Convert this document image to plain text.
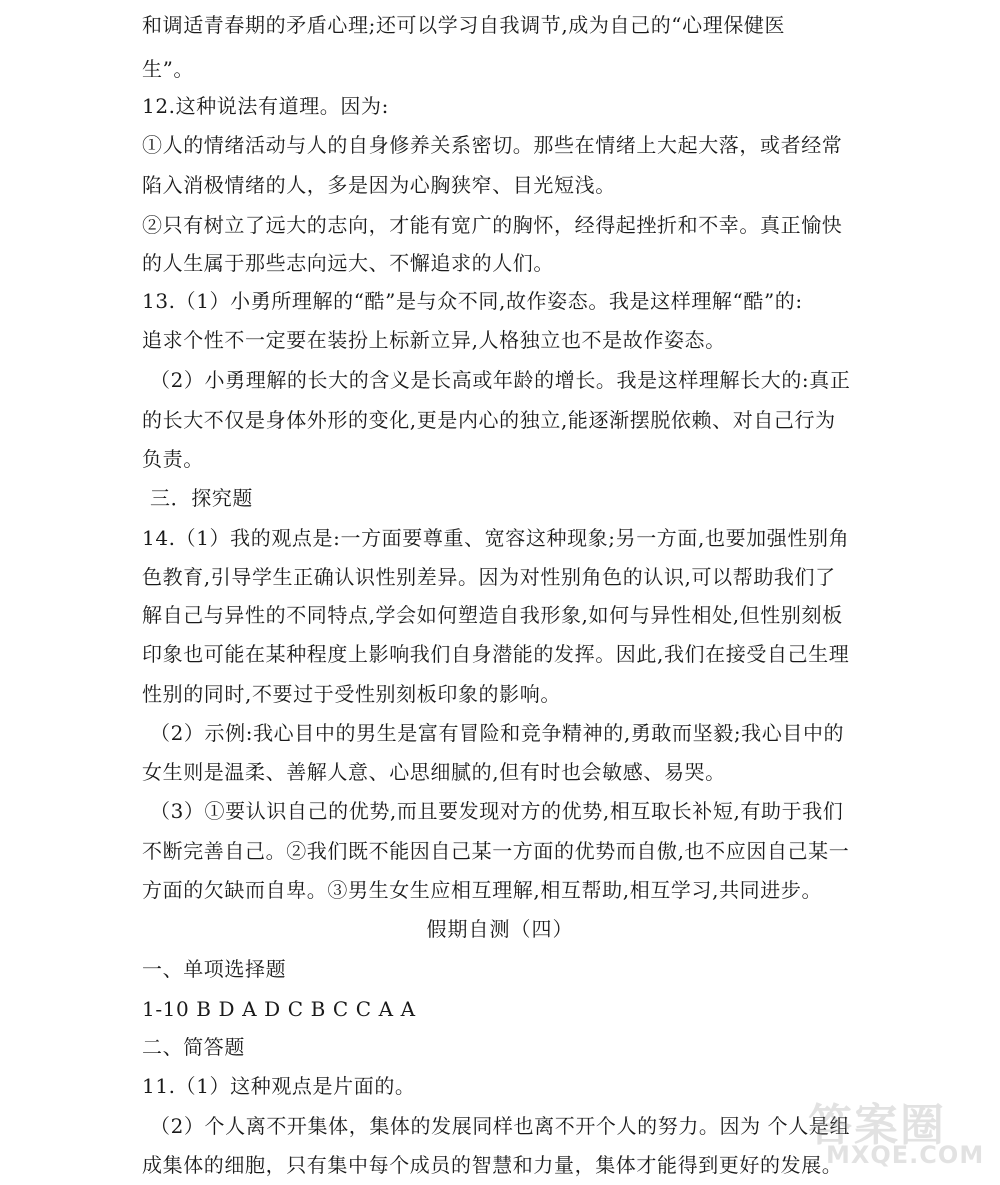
和调适青春期的矛盾心理;还可以学习自我调节,成为自己的“心理保健医
生”。
12.这种说法有道理。因为:
①人的情绪活动与人的自身修养关系密切。那些在情绪上大起大落，或者经常
陷入消极情绪的人，多是因为心胸狭窄、目光短浅。
②只有树立了远大的志向，才能有宽广的胸怀，经得起挫折和不幸。真正愉快
的人生属于那些志向远大、不懈追求的人们。
13.（1）小勇所理解的“酷”是与众不同,故作姿态。我是这样理解“酷”的:
追求个性不一定要在装扮上标新立异,人格独立也不是故作姿态。
（2）小勇理解的长大的含义是长高或年龄的增长。我是这样理解长大的:真正
的长大不仅是身体外形的变化,更是内心的独立,能逐渐摆脱依赖、对自己行为
负责。
三．探究题
14.（1）我的观点是:一方面要尊重、宽容这种现象;另一方面,也要加强性别角
色教育,引导学生正确认识性别差异。因为对性别角色的认识,可以帮助我们了
解自己与异性的不同特点,学会如何塑造自我形象,如何与异性相处,但性别刻板
印象也可能在某种程度上影响我们自身潜能的发挥。因此,我们在接受自己生理
性别的同时,不要过于受性别刻板印象的影响。
（2）示例:我心目中的男生是富有冒险和竞争精神的,勇敢而坚毅;我心目中的
女生则是温柔、善解人意、心思细腻的,但有时也会敏感、易哭。
（3）①要认识自己的优势,而且要发现对方的优势,相互取长补短,有助于我们
不断完善自己。②我们既不能因自己某一方面的优势而自傲,也不应因自己某一
方面的欠缺而自卑。③男生女生应相互理解,相互帮助,相互学习,共同进步。
假期自测（四）
一、单项选择题
1-10 B D A D C B C C A A
二、简答题
11.（1）这种观点是片面的。
（2）个人离不开集体，集体的发展同样也离不开个人的努力。因为 个人是组
成集体的细胞，只有集中每个成员的智慧和力量，集体才能得到更好的发展。
答案圈
MXQE.COM
